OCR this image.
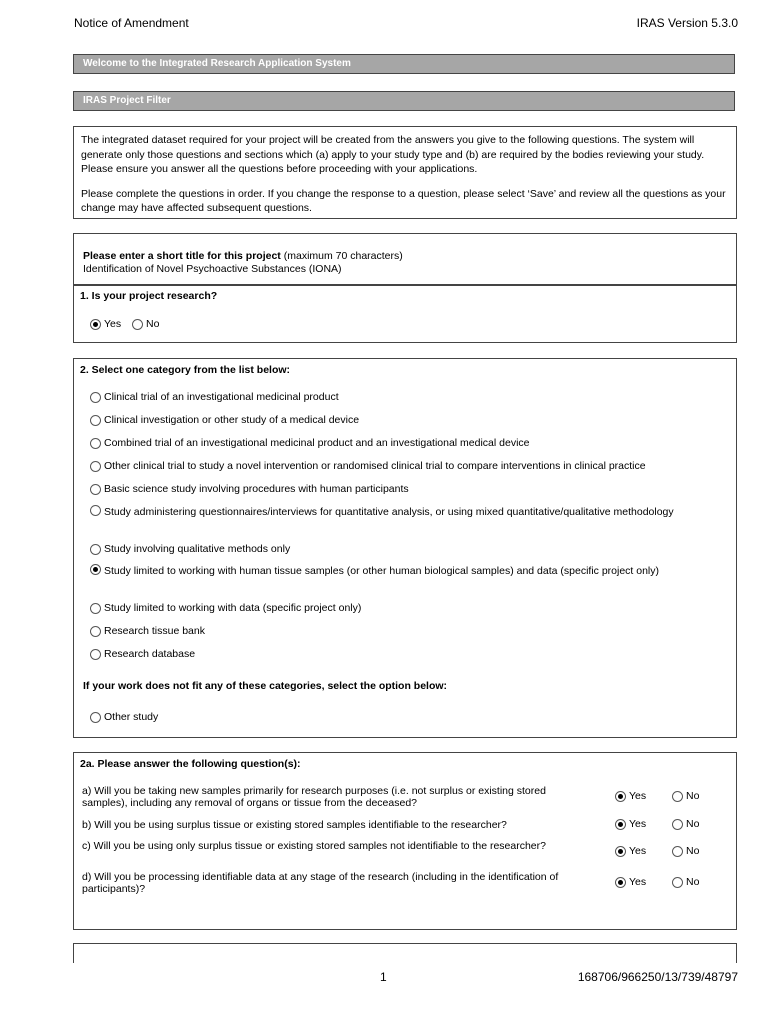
Notice of Amendment	IRAS Version 5.3.0
Welcome to the Integrated Research Application System
IRAS Project Filter

The integrated dataset required for your project will be created from the answers you give to the following questions. The system will generate only those questions and sections which (a) apply to your study type and (b) are required by the bodies reviewing your study. Please ensure you answer all the questions before proceeding with your applications.

Please complete the questions in order. If you change the response to a question, please select ‘Save’ and review all the questions as your change may have affected subsequent questions.

Please enter a short title for this project (maximum 70 characters)
Identification of Novel Psychoactive Substances (IONA)
1. Is your project research?
Yes No
2. Select one category from the list below:
Clinical trial of an investigational medicinal product
Clinical investigation or other study of a medical device
Combined trial of an investigational medicinal product and an investigational medical device
Other clinical trial to study a novel intervention or randomised clinical trial to compare interventions in clinical practice
Basic science study involving procedures with human participants
Study administering questionnaires/interviews for quantitative analysis, or using mixed quantitative/qualitative methodology
Study involving qualitative methods only
Study limited to working with human tissue samples (or other human biological samples) and data (specific project only)
Study limited to working with data (specific project only)
Research tissue bank
Research database
If your work does not fit any of these categories, select the option below:
Other study
2a. Please answer the following question(s):
a) Will you be taking new samples primarily for research purposes (i.e. not surplus or existing stored samples), including any removal of organs or tissue from the deceased?
Yes	No
b) Will you be using surplus tissue or existing stored samples identifiable to the researcher?	Yes	No
c) Will you be using only surplus tissue or existing stored samples not identifiable to the researcher?	Yes	No
d) Will you be processing identifiable data at any stage of the research (including in the identification of participants)?
Yes	No
1	168706/966250/13/739/48797
